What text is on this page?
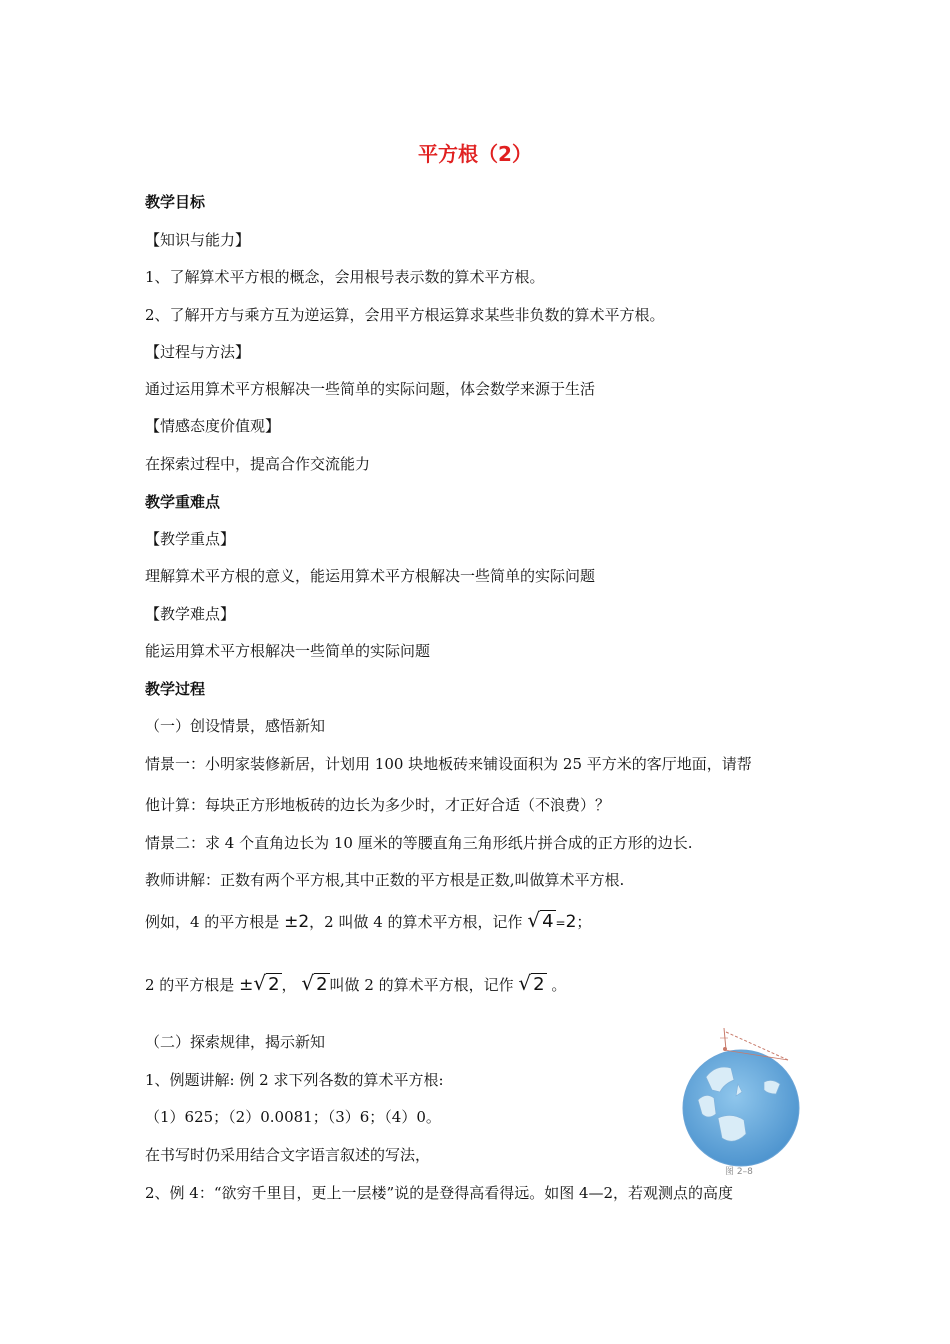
平方根（2）
教学目标
【知识与能力】
1、了解算术平方根的概念，会用根号表示数的算术平方根。
2、了解开方与乘方互为逆运算，会用平方根运算求某些非负数的算术平方根。
【过程与方法】
通过运用算术平方根解决一些简单的实际问题，体会数学来源于生活
【情感态度价值观】
在探索过程中，提高合作交流能力
教学重难点
【教学重点】
理解算术平方根的意义，能运用算术平方根解决一些简单的实际问题
【教学难点】
能运用算术平方根解决一些简单的实际问题
教学过程
（一）创设情景，感悟新知
情景一：小明家装修新居，计划用 100 块地板砖来铺设面积为 25 平方米的客厅地面，请帮
他计算：每块正方形地板砖的边长为多少时，才正好合适（不浪费）？
情景二：求 4 个直角边长为 10 厘米的等腰直角三角形纸片拼合成的正方形的边长.
教师讲解：正数有两个平方根,其中正数的平方根是正数,叫做算术平方根.
例如，4 的平方根是 ±2，2 叫做 4 的算术平方根，记作 √ 4 =2；
2 的平方根是 ±√ 2 ， √ 2 叫做 2 的算术平方根，记作 √ 2 。
（二）探索规律，揭示新知
1、例题讲解: 例 2 求下列各数的算术平方根:
（1）625；（2）0.0081；（3）6；（4）0。
在书写时仍采用结合文字语言叙述的写法，
2、例 4：“欲穷千里目，更上一层楼”说的是登得高看得远。如图 4—2，若观测点的高度
图 2–8
